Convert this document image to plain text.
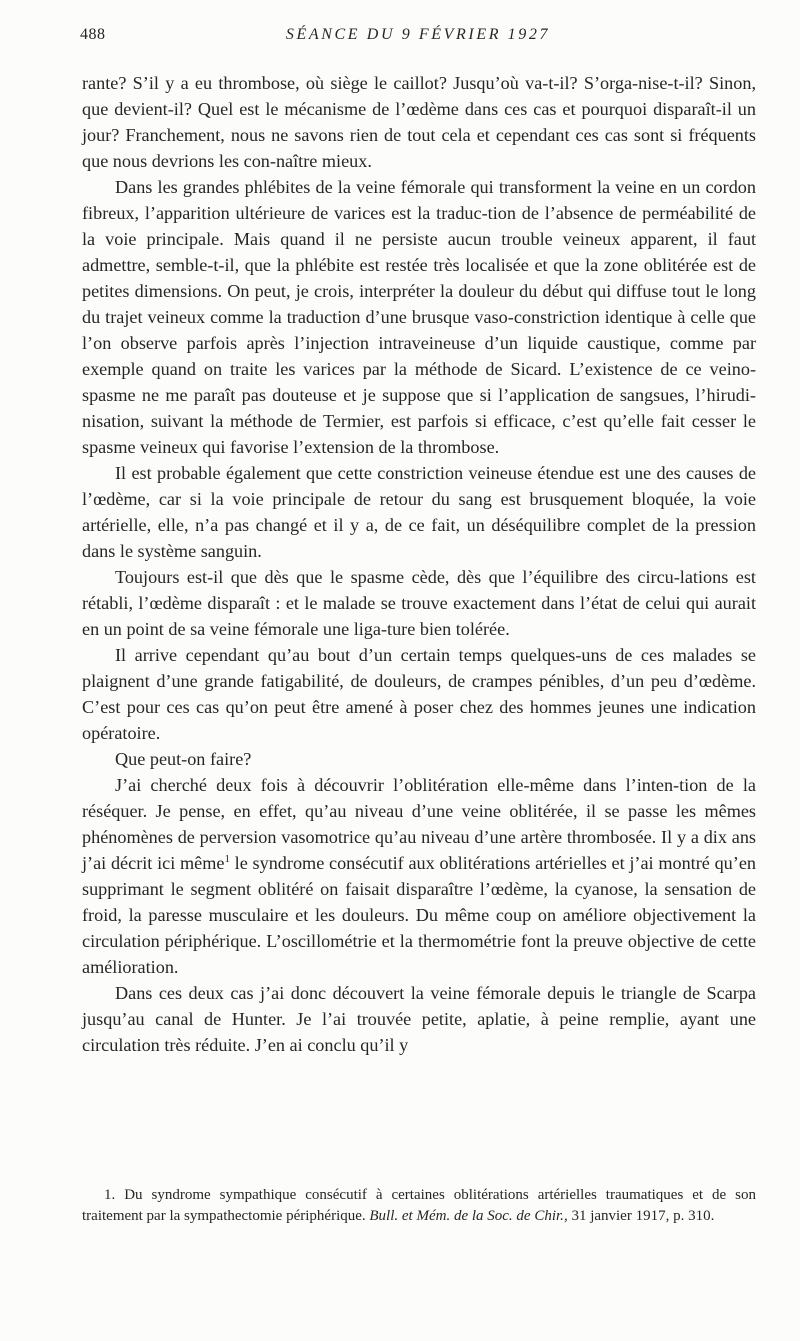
488	SÉANCE DU 9 FÉVRIER 1927

rante? S’il y a eu thrombose, où siège le caillot? Jusqu’où va-t-il? S’orga-nise-t-il? Sinon, que devient-il? Quel est le mécanisme de l’œdème dans ces cas et pourquoi disparaît-il un jour? Franchement, nous ne savons rien de tout cela et cependant ces cas sont si fréquents que nous devrions les con-naître mieux.

Dans les grandes phlébites de la veine fémorale qui transforment la veine en un cordon fibreux, l’apparition ultérieure de varices est la traduc-tion de l’absence de perméabilité de la voie principale. Mais quand il ne persiste aucun trouble veineux apparent, il faut admettre, semble-t-il, que la phlébite est restée très localisée et que la zone oblitérée est de petites dimensions. On peut, je crois, interpréter la douleur du début qui diffuse tout le long du trajet veineux comme la traduction d’une brusque vaso-constriction identique à celle que l’on observe parfois après l’injection intraveineuse d’un liquide caustique, comme par exemple quand on traite les varices par la méthode de Sicard. L’existence de ce veino-spasme ne me paraît pas douteuse et je suppose que si l’application de sangsues, l’hirudi-nisation, suivant la méthode de Termier, est parfois si efficace, c’est qu’elle fait cesser le spasme veineux qui favorise l’extension de la thrombose.

Il est probable également que cette constriction veineuse étendue est une des causes de l’œdème, car si la voie principale de retour du sang est brusquement bloquée, la voie artérielle, elle, n’a pas changé et il y a, de ce fait, un déséquilibre complet de la pression dans le système sanguin.

Toujours est-il que dès que le spasme cède, dès que l’équilibre des circu-lations est rétabli, l’œdème disparaît : et le malade se trouve exactement dans l’état de celui qui aurait en un point de sa veine fémorale une liga-ture bien tolérée.

Il arrive cependant qu’au bout d’un certain temps quelques-uns de ces malades se plaignent d’une grande fatigabilité, de douleurs, de crampes pénibles, d’un peu d’œdème. C’est pour ces cas qu’on peut être amené à poser chez des hommes jeunes une indication opératoire.

Que peut-on faire?

J’ai cherché deux fois à découvrir l’oblitération elle-même dans l’inten-tion de la réséquer. Je pense, en effet, qu’au niveau d’une veine oblitérée, il se passe les mêmes phénomènes de perversion vasomotrice qu’au niveau d’une artère thrombosée. Il y a dix ans j’ai décrit ici même$^1$ le syndrome consécutif aux oblitérations artérielles et j’ai montré qu’en supprimant le segment oblitéré on faisait disparaître l’œdème, la cyanose, la sensation de froid, la paresse musculaire et les douleurs. Du même coup on améliore objectivement la circulation périphérique. L’oscillométrie et la thermométrie font la preuve objective de cette amélioration.

Dans ces deux cas j’ai donc découvert la veine fémorale depuis le triangle de Scarpa jusqu’au canal de Hunter. Je l’ai trouvée petite, aplatie, à peine remplie, ayant une circulation très réduite. J’en ai conclu qu’il y

1. Du syndrome sympathique consécutif à certaines oblitérations artérielles traumatiques et de son traitement par la sympathectomie périphérique. Bull. et Mém. de la Soc. de Chir., 31 janvier 1917, p. 310.
